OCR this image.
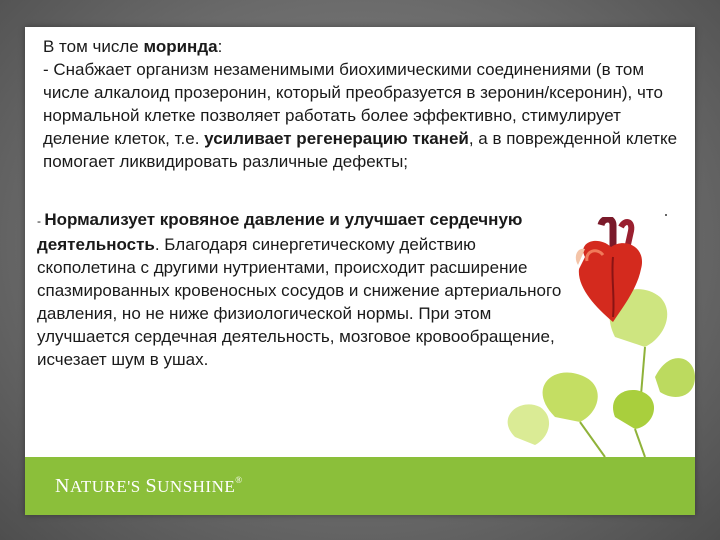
В том числе моринда:
- Снабжает организм незаменимыми биохимическими соединениями (в том числе алкалоид прозеронин, который преобразуется в зеронин/ксеронин), что нормальной клетке позволяет работать более эффективно, стимулирует деление клеток, т.е. усиливает регенерацию тканей, а в поврежденной клетке помогает ликвидировать различные дефекты;

- Нормализует кровяное давление и улучшает сердечную деятельность. Благодаря синергетическому действию скополетина с другими нутриентами, происходит расширение спазмированных кровеносных сосудов и снижение артериального давления, но не ниже физиологической нормы. При этом улучшается сердечная деятельность, мозговое кровообращение, исчезает шум в ушах.

NATURE'S SUNSHINE®
